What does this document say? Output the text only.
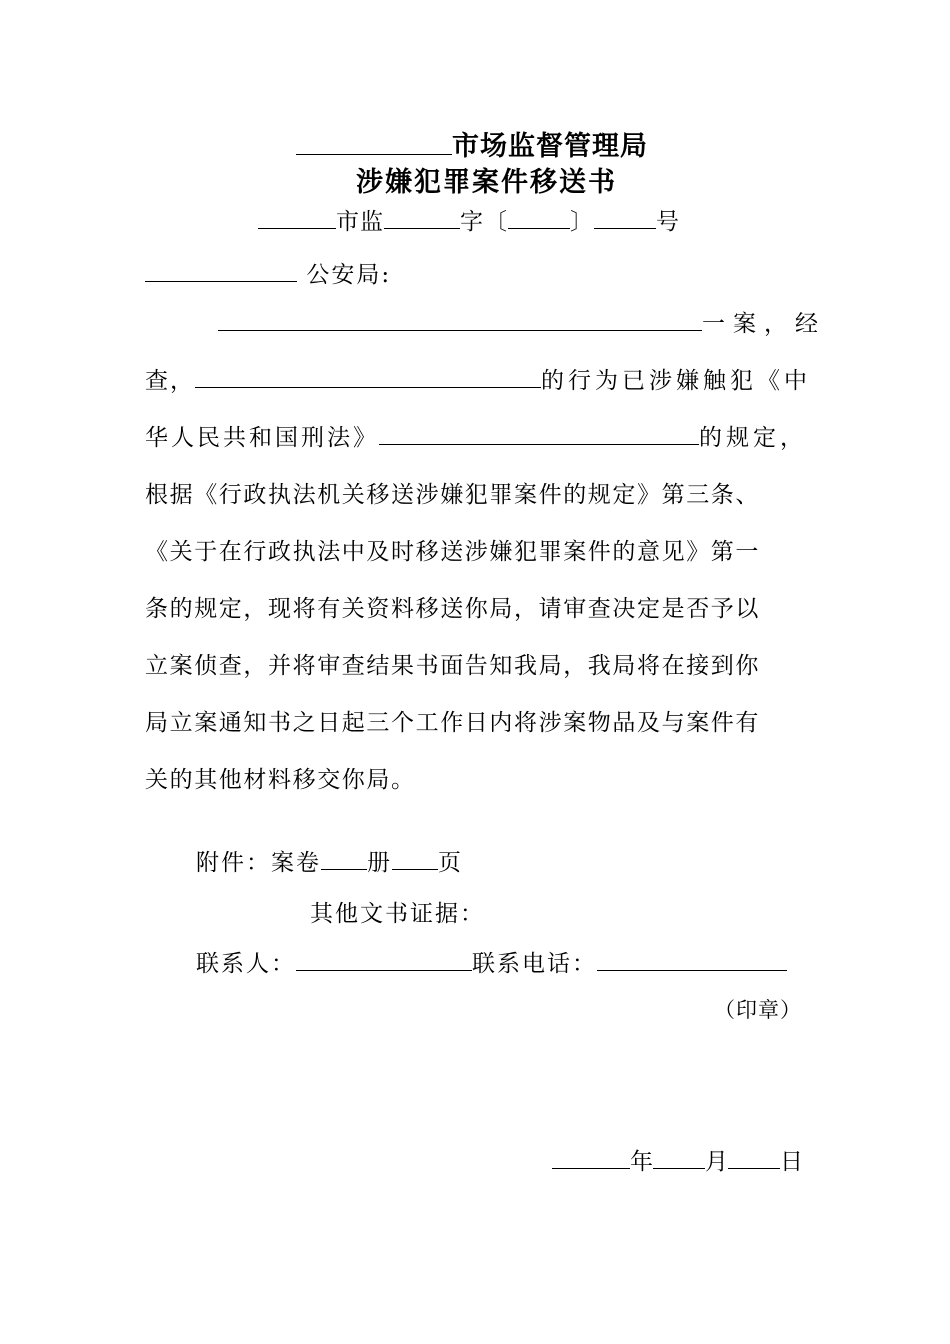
市场监督管理局
涉嫌犯罪案件移送书
市监	字〔	〕	号
公安局:
一案，经
查，	的行为已涉嫌触犯《中
华人民共和国刑法》	的规定，
根据《行政执法机关移送涉嫌犯罪案件的规定》第三条、
《关于在行政执法中及时移送涉嫌犯罪案件的意见》第一
条的规定，现将有关资料移送你局，请审查决定是否予以
立案侦查，并将审查结果书面告知我局，我局将在接到你
局立案通知书之日起三个工作日内将涉案物品及与案件有
关的其他材料移交你局。
附件：案卷 册 页
其他文书证据：
联系人：	联系电话：
（印章）
年 月 日
